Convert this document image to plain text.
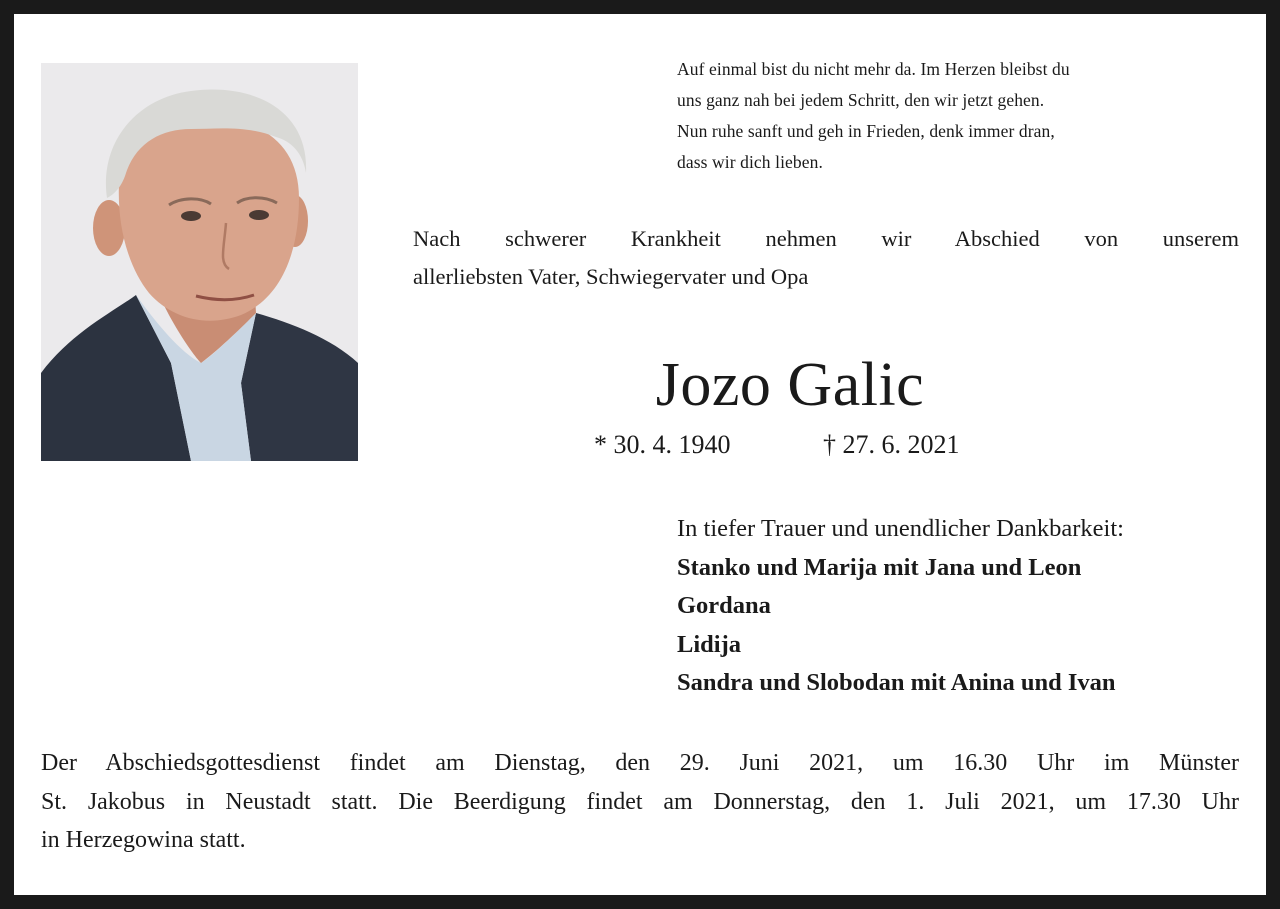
Auf einmal bist du nicht mehr da. Im Herzen bleibst du
uns ganz nah bei jedem Schritt, den wir jetzt gehen.
Nun ruhe sanft und geh in Frieden, denk immer dran,
dass wir dich lieben.
Nach schwerer Krankheit nehmen wir Abschied von unserem
allerliebsten Vater, Schwiegervater und Opa
Jozo Galic
* 30. 4. 1940	† 27. 6. 2021
In tiefer Trauer und unendlicher Dankbarkeit:
Stanko und Marija mit Jana und Leon
Gordana
Lidija
Sandra und Slobodan mit Anina und Ivan
Der Abschiedsgottesdienst findet am Dienstag, den 29. Juni 2021, um 16.30 Uhr im Münster
St. Jakobus in Neustadt statt. Die Beerdigung findet am Donnerstag, den 1. Juli 2021, um 17.30 Uhr
in Herzegowina statt.
